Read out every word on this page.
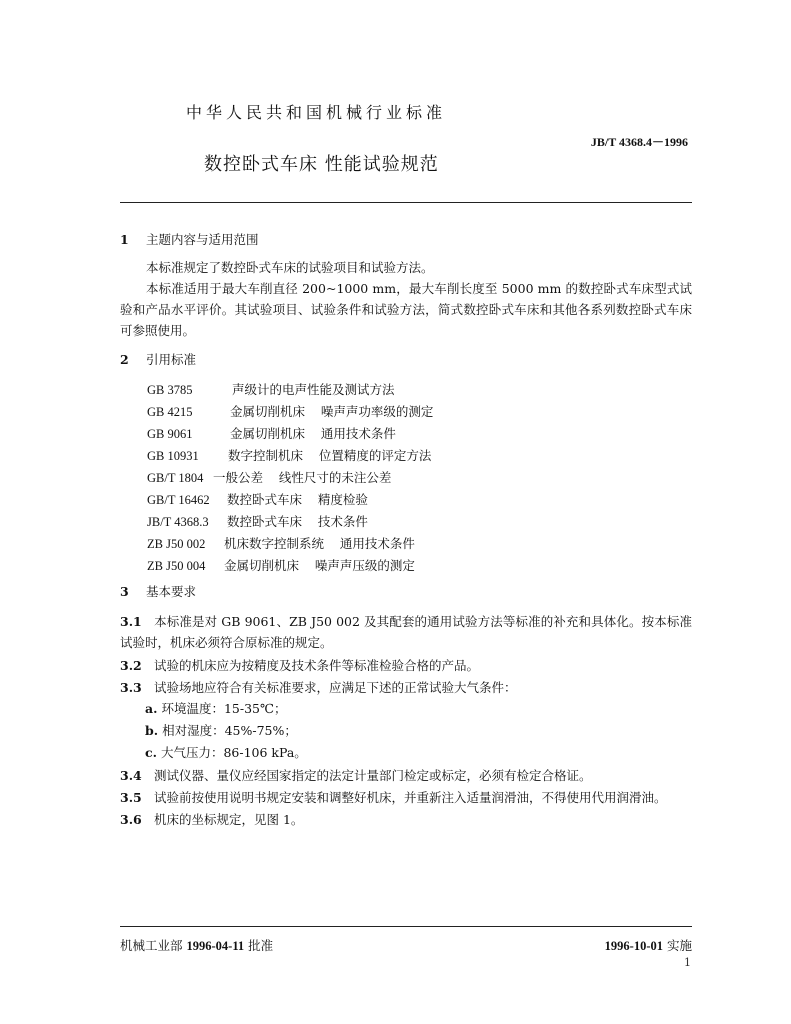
中华人民共和国机械行业标准
JB/T 4368.4－1996
数控卧式车床 性能试验规范
1 主题内容与适用范围
本标准规定了数控卧式车床的试验项目和试验方法。
本标准适用于最大车削直径 200~1000 mm，最大车削长度至 5000 mm 的数控卧式车床型式试验和产品水平评价。其试验项目、试验条件和试验方法，简式数控卧式车床和其他各系列数控卧式车床可参照使用。
2 引用标准
GB 3785	声级计的电声性能及测试方法
GB 4215	金属切削机床    噪声声功率级的测定
GB 9061	金属切削机床    通用技术条件
GB 10931 数字控制机床    位置精度的评定方法
GB/T 1804 一般公差    线性尺寸的未注公差
GB/T 16462 数控卧式车床    精度检验
JB/T 4368.3 数控卧式车床    技术条件
ZB J50 002 机床数字控制系统    通用技术条件
ZB J50 004 金属切削机床    噪声声压级的测定
3 基本要求
3.1 本标准是对 GB 9061、ZB J50 002 及其配套的通用试验方法等标准的补充和具体化。按本标准试验时，机床必须符合原标准的规定。
3.2 试验的机床应为按精度及技术条件等标准检验合格的产品。
3.3 试验场地应符合有关标准要求，应满足下述的正常试验大气条件：
a. 环境温度：15-35℃；
b. 相对湿度：45%-75%；
c. 大气压力：86-106 kPa。
3.4 测试仪器、量仪应经国家指定的法定计量部门检定或标定，必须有检定合格证。
3.5 试验前按使用说明书规定安装和调整好机床，并重新注入适量润滑油，不得使用代用润滑油。
3.6 机床的坐标规定，见图 1。
机械工业部 1996-04-11 批准	1996-10-01 实施
1
